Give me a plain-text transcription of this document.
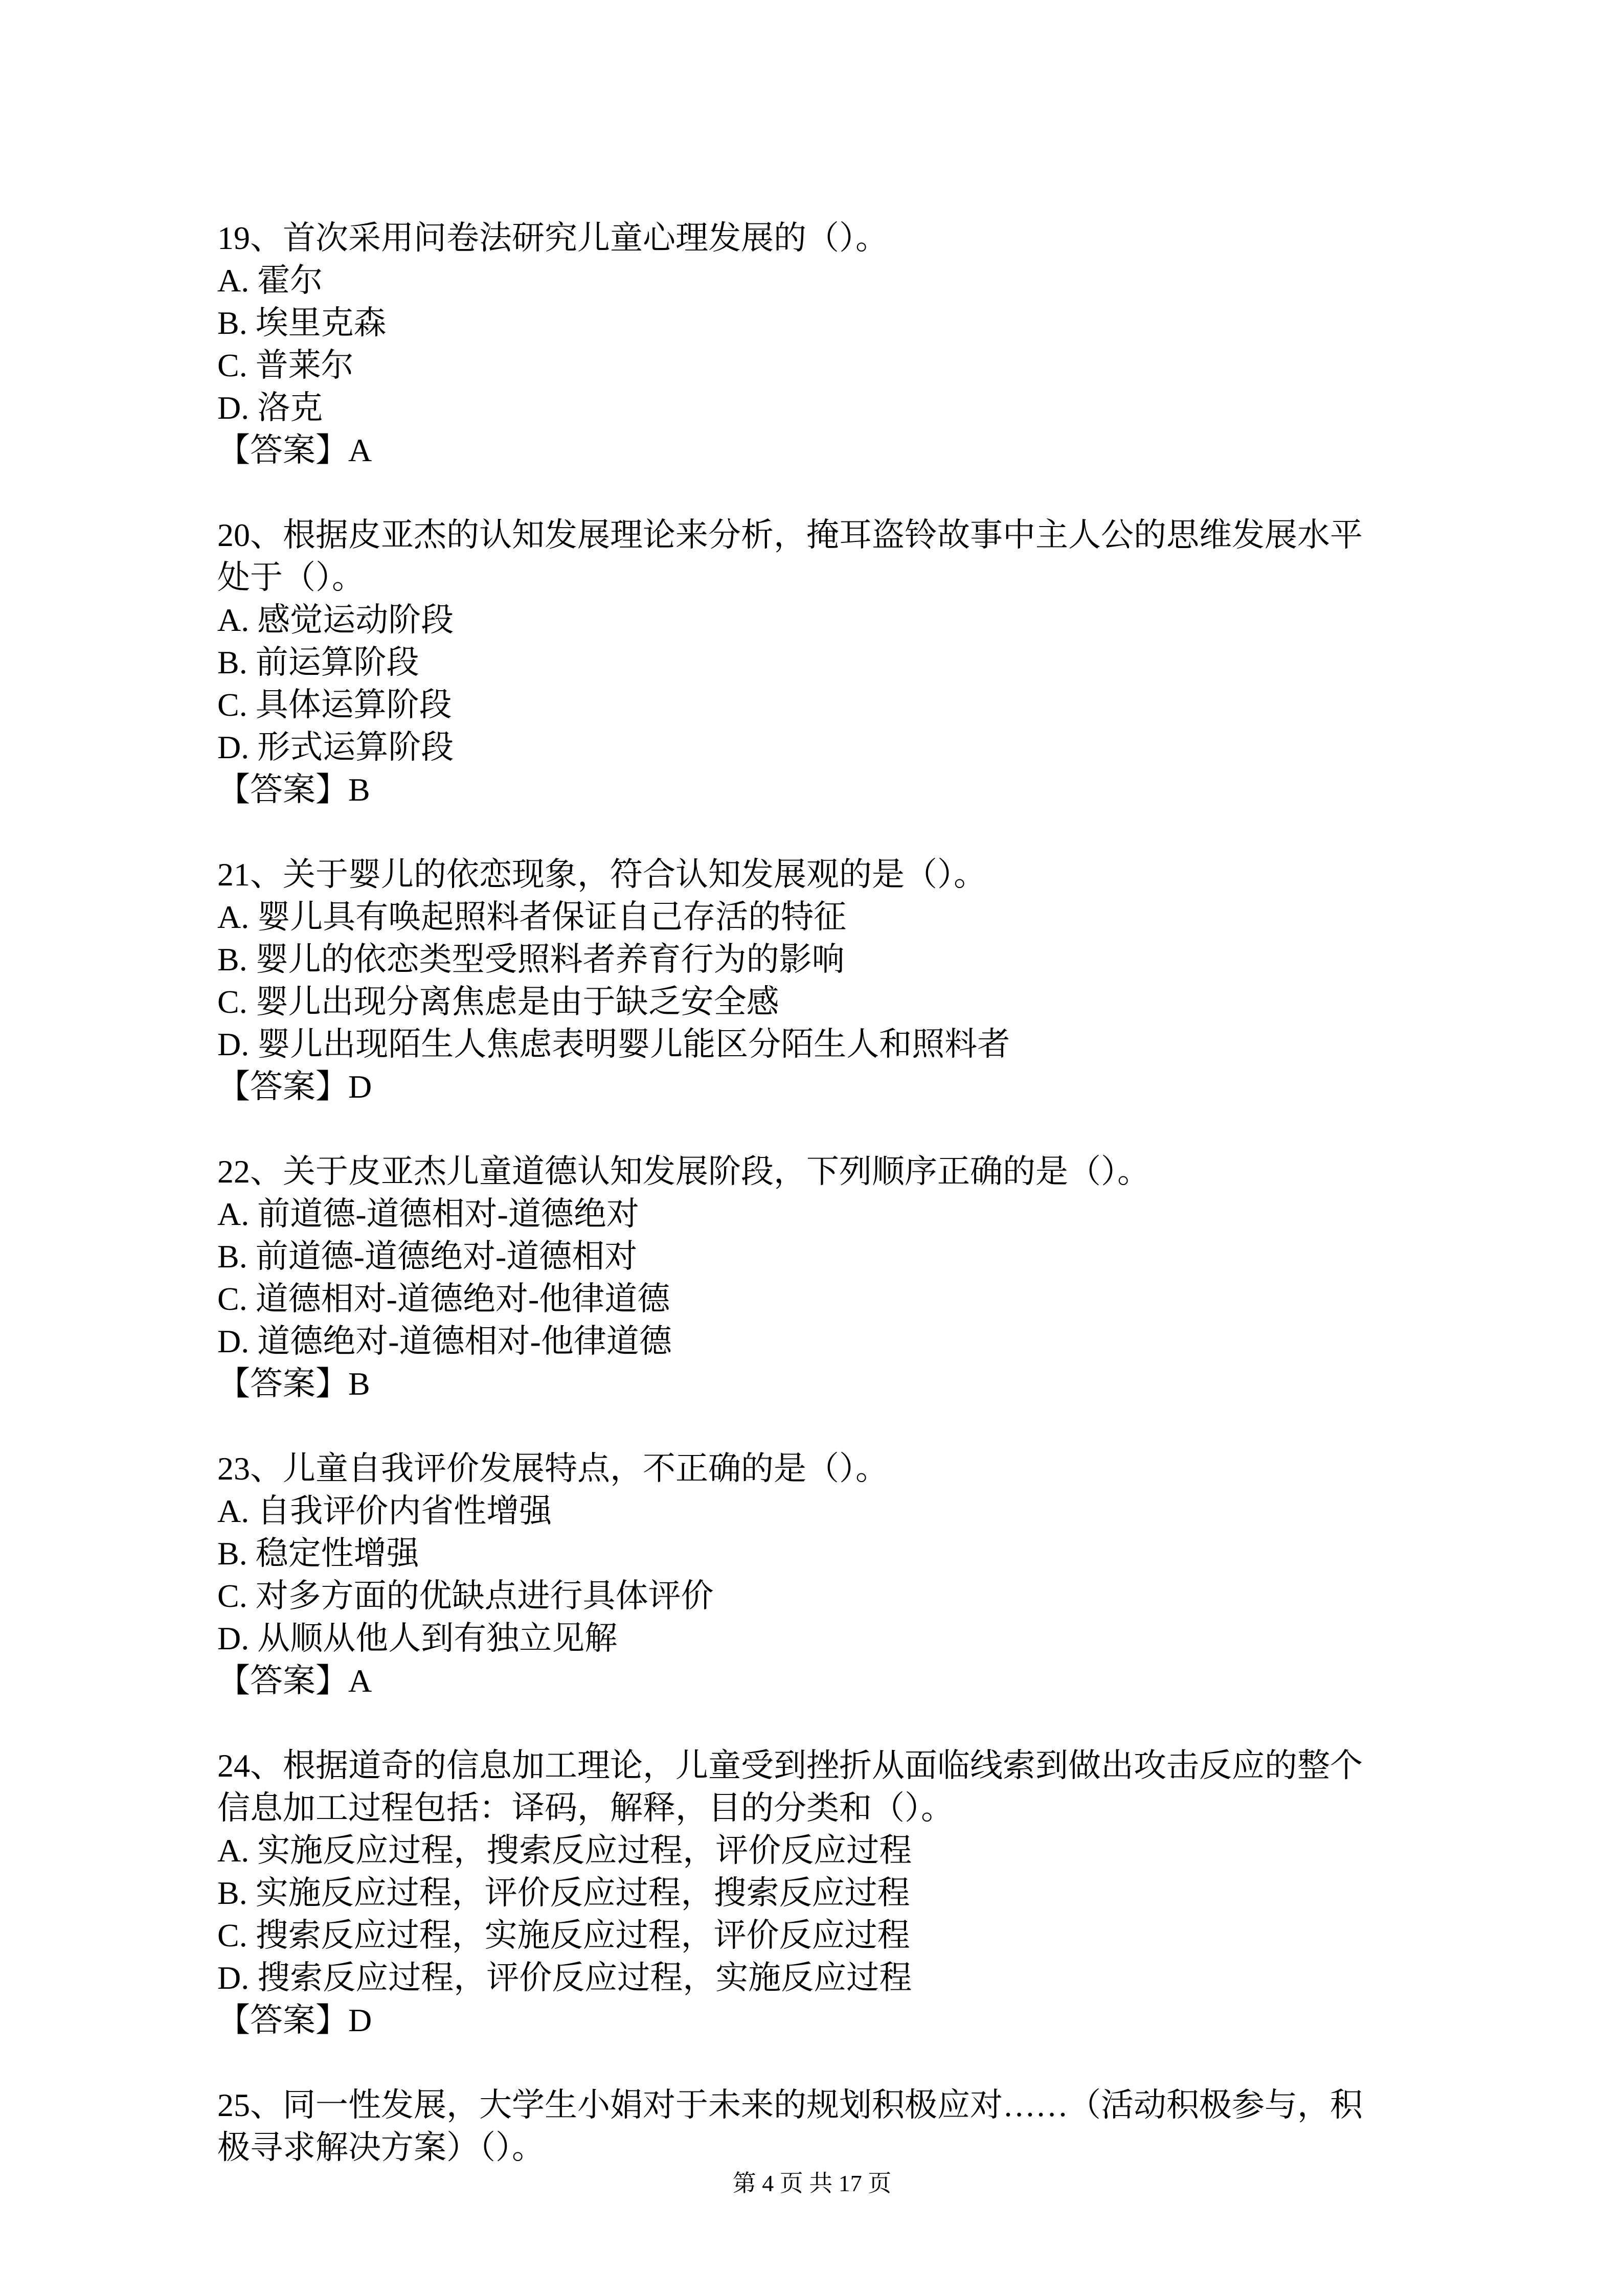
19、首次采用问卷法研究儿童心理发展的（）。
A. 霍尔
B. 埃里克森
C. 普莱尔
D. 洛克
【答案】A
20、根据皮亚杰的认知发展理论来分析，掩耳盗铃故事中主人公的思维发展水平
处于（）。
A. 感觉运动阶段
B. 前运算阶段
C. 具体运算阶段
D. 形式运算阶段
【答案】B
21、关于婴儿的依恋现象，符合认知发展观的是（）。
A. 婴儿具有唤起照料者保证自己存活的特征
B. 婴儿的依恋类型受照料者养育行为的影响
C. 婴儿出现分离焦虑是由于缺乏安全感
D. 婴儿出现陌生人焦虑表明婴儿能区分陌生人和照料者
【答案】D
22、关于皮亚杰儿童道德认知发展阶段，下列顺序正确的是（）。
A. 前道德-道德相对-道德绝对
B. 前道德-道德绝对-道德相对
C. 道德相对-道德绝对-他律道德
D. 道德绝对-道德相对-他律道德
【答案】B
23、儿童自我评价发展特点，不正确的是（）。
A. 自我评价内省性增强
B. 稳定性增强
C. 对多方面的优缺点进行具体评价
D. 从顺从他人到有独立见解
【答案】A
24、根据道奇的信息加工理论，儿童受到挫折从面临线索到做出攻击反应的整个
信息加工过程包括：译码，解释，目的分类和（）。
A. 实施反应过程，搜索反应过程，评价反应过程
B. 实施反应过程，评价反应过程，搜索反应过程
C. 搜索反应过程，实施反应过程，评价反应过程
D. 搜索反应过程，评价反应过程，实施反应过程
【答案】D
25、同一性发展，大学生小娟对于未来的规划积极应对……（活动积极参与，积
极寻求解决方案）（）。
第 4 页 共 17 页
